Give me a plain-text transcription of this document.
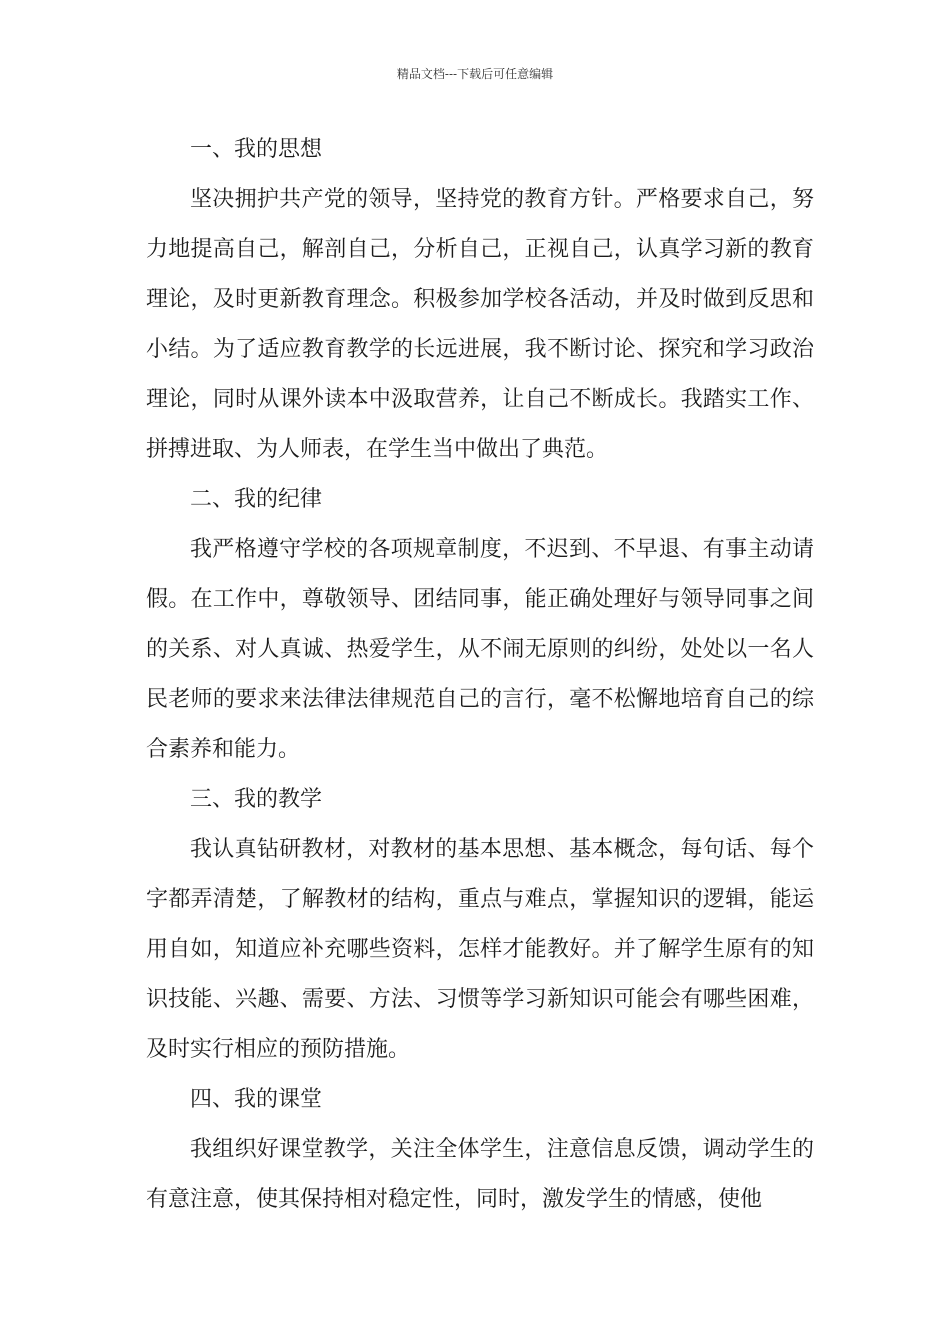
精品文档---下载后可任意编辑
一、我的思想

坚决拥护共产党的领导，坚持党的教育方针。严格要求自己，努力地提高自己，解剖自己，分析自己，正视自己，认真学习新的教育理论，及时更新教育理念。积极参加学校各活动，并及时做到反思和小结。为了适应教育教学的长远进展，我不断讨论、探究和学习政治理论，同时从课外读本中汲取营养，让自己不断成长。我踏实工作、拼搏进取、为人师表，在学生当中做出了典范。

二、我的纪律

我严格遵守学校的各项规章制度，不迟到、不早退、有事主动请假。在工作中，尊敬领导、团结同事，能正确处理好与领导同事之间的关系、对人真诚、热爱学生，从不闹无原则的纠纷，处处以一名人民老师的要求来法律法律规范自己的言行，毫不松懈地培育自己的综合素养和能力。

三、我的教学

我认真钻研教材，对教材的基本思想、基本概念，每句话、每个字都弄清楚，了解教材的结构，重点与难点，掌握知识的逻辑，能运用自如，知道应补充哪些资料，怎样才能教好。并了解学生原有的知识技能、兴趣、需要、方法、习惯等学习新知识可能会有哪些困难，及时实行相应的预防措施。

四、我的课堂

我组织好课堂教学，关注全体学生，注意信息反馈，调动学生的有意注意，使其保持相对稳定性，同时，激发学生的情感，使他
